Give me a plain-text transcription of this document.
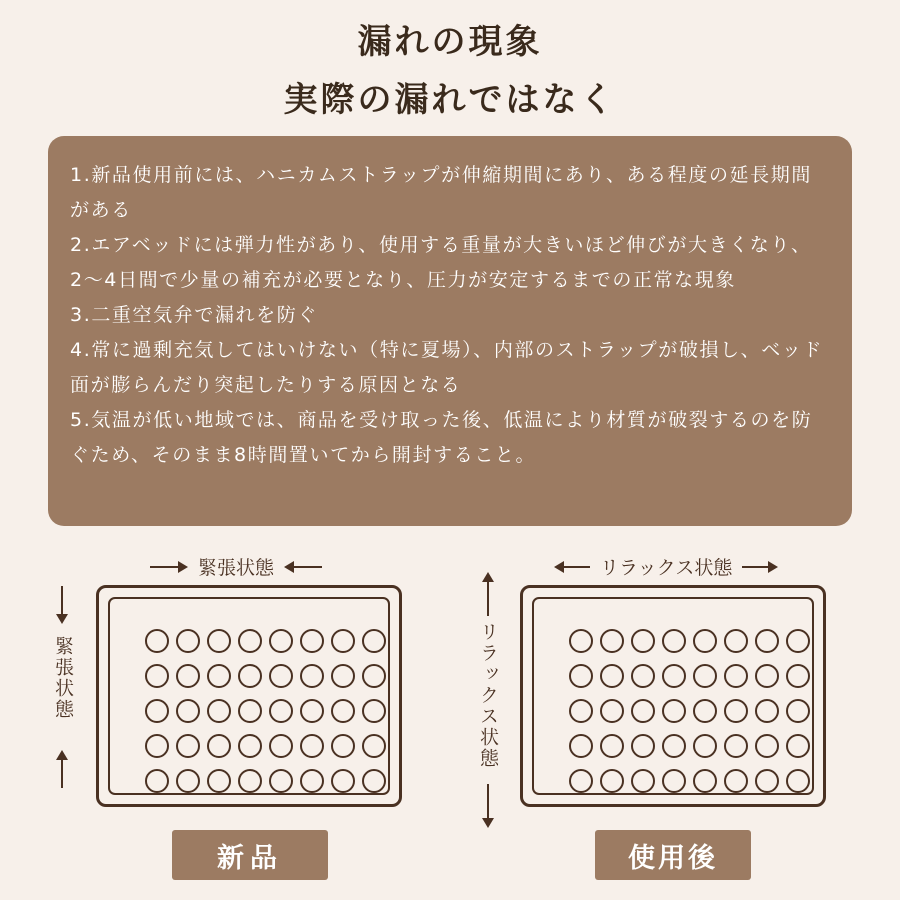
漏れの現象
実際の漏れではなく

1.新品使用前には、ハニカムストラップが伸縮期間にあり、ある程度の延長期間がある

2.エアベッドには弾力性があり、使用する重量が大きいほど伸びが大きくなり、2〜4日間で少量の補充が必要となり、圧力が安定するまでの正常な現象

3.二重空気弁で漏れを防ぐ

4.常に過剰充気してはいけない（特に夏場）、内部のストラップが破損し、ベッド面が膨らんだり突起したりする原因となる

5.気温が低い地域では、商品を受け取った後、低温により材質が破裂するのを防ぐため、そのまま8時間置いてから開封すること。

緊張状態
緊張状態
リラックス状態
リラックス状態
新品	使用後
